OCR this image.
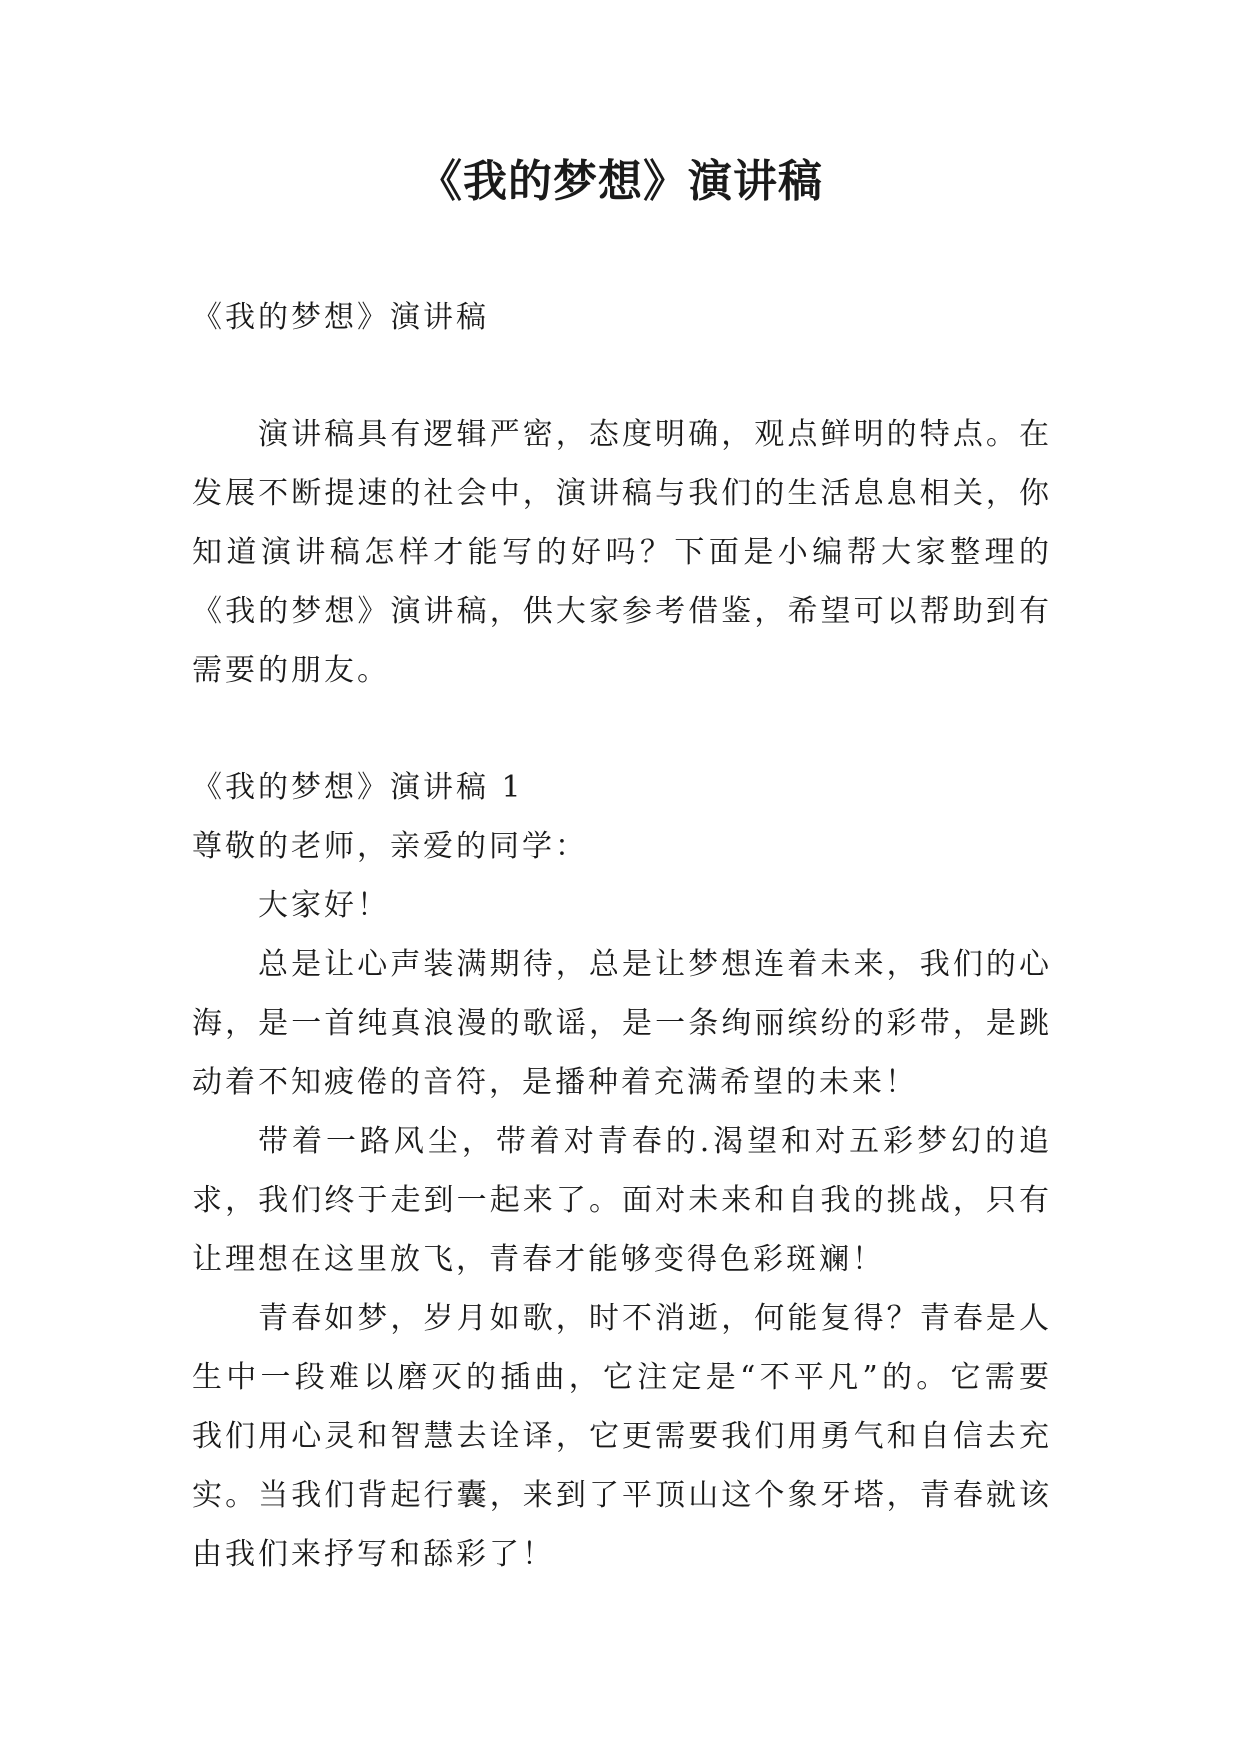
《我的梦想》演讲稿

《我的梦想》演讲稿

演讲稿具有逻辑严密，态度明确，观点鲜明的特点。在发展不断提速的社会中，演讲稿与我们的生活息息相关，你知道演讲稿怎样才能写的好吗？下面是小编帮大家整理的《我的梦想》演讲稿，供大家参考借鉴，希望可以帮助到有需要的朋友。

《我的梦想》演讲稿 1

尊敬的老师，亲爱的同学：

大家好！

总是让心声装满期待，总是让梦想连着未来，我们的心海，是一首纯真浪漫的歌谣，是一条绚丽缤纷的彩带，是跳动着不知疲倦的音符，是播种着充满希望的未来！

带着一路风尘，带着对青春的.渴望和对五彩梦幻的追求，我们终于走到一起来了。面对未来和自我的挑战，只有让理想在这里放飞，青春才能够变得色彩斑斓！

青春如梦，岁月如歌，时不消逝，何能复得？青春是人生中一段难以磨灭的插曲，它注定是“不平凡”的。它需要我们用心灵和智慧去诠译，它更需要我们用勇气和自信去充实。当我们背起行囊，来到了平顶山这个象牙塔，青春就该由我们来抒写和舔彩了！
